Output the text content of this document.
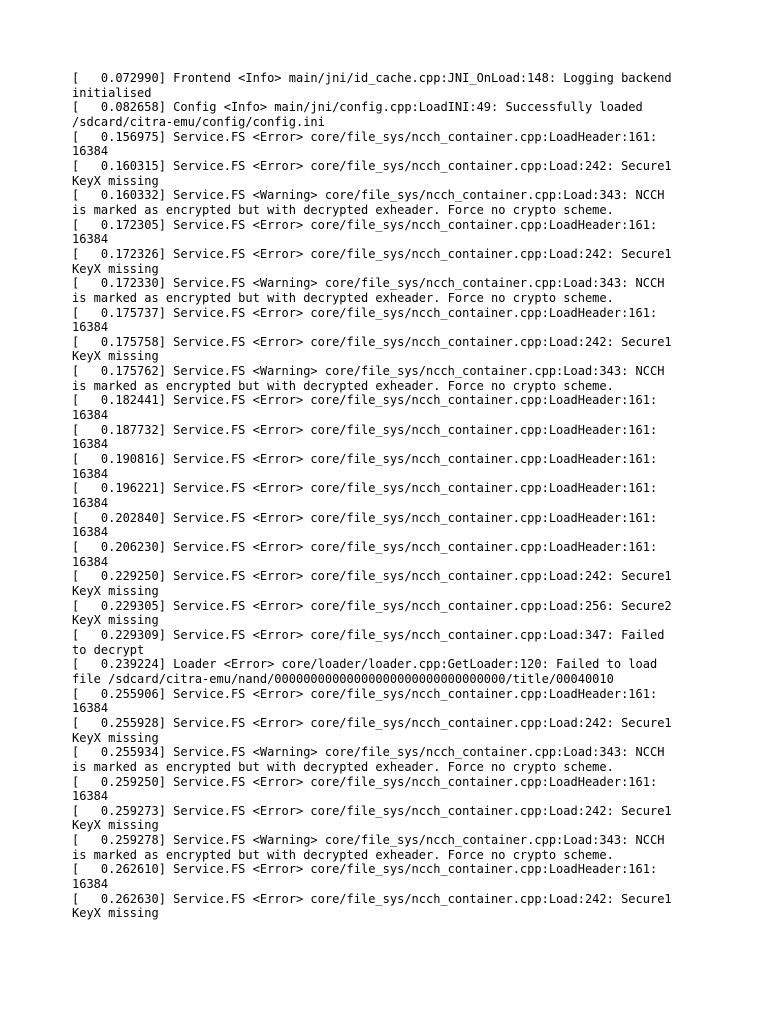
[   0.072990] Frontend <Info> main/jni/id_cache.cpp:JNI_OnLoad:148: Logging backend
initialised
[   0.082658] Config <Info> main/jni/config.cpp:LoadINI:49: Successfully loaded
/sdcard/citra-emu/config/config.ini
[   0.156975] Service.FS <Error> core/file_sys/ncch_container.cpp:LoadHeader:161:
16384
[   0.160315] Service.FS <Error> core/file_sys/ncch_container.cpp:Load:242: Secure1
KeyX missing
[   0.160332] Service.FS <Warning> core/file_sys/ncch_container.cpp:Load:343: NCCH
is marked as encrypted but with decrypted exheader. Force no crypto scheme.
[   0.172305] Service.FS <Error> core/file_sys/ncch_container.cpp:LoadHeader:161:
16384
[   0.172326] Service.FS <Error> core/file_sys/ncch_container.cpp:Load:242: Secure1
KeyX missing
[   0.172330] Service.FS <Warning> core/file_sys/ncch_container.cpp:Load:343: NCCH
is marked as encrypted but with decrypted exheader. Force no crypto scheme.
[   0.175737] Service.FS <Error> core/file_sys/ncch_container.cpp:LoadHeader:161:
16384
[   0.175758] Service.FS <Error> core/file_sys/ncch_container.cpp:Load:242: Secure1
KeyX missing
[   0.175762] Service.FS <Warning> core/file_sys/ncch_container.cpp:Load:343: NCCH
is marked as encrypted but with decrypted exheader. Force no crypto scheme.
[   0.182441] Service.FS <Error> core/file_sys/ncch_container.cpp:LoadHeader:161:
16384
[   0.187732] Service.FS <Error> core/file_sys/ncch_container.cpp:LoadHeader:161:
16384
[   0.190816] Service.FS <Error> core/file_sys/ncch_container.cpp:LoadHeader:161:
16384
[   0.196221] Service.FS <Error> core/file_sys/ncch_container.cpp:LoadHeader:161:
16384
[   0.202840] Service.FS <Error> core/file_sys/ncch_container.cpp:LoadHeader:161:
16384
[   0.206230] Service.FS <Error> core/file_sys/ncch_container.cpp:LoadHeader:161:
16384
[   0.229250] Service.FS <Error> core/file_sys/ncch_container.cpp:Load:242: Secure1
KeyX missing
[   0.229305] Service.FS <Error> core/file_sys/ncch_container.cpp:Load:256: Secure2
KeyX missing
[   0.229309] Service.FS <Error> core/file_sys/ncch_container.cpp:Load:347: Failed
to decrypt
[   0.239224] Loader <Error> core/loader/loader.cpp:GetLoader:120: Failed to load
file /sdcard/citra-emu/nand/00000000000000000000000000000000/title/00040010
[   0.255906] Service.FS <Error> core/file_sys/ncch_container.cpp:LoadHeader:161:
16384
[   0.255928] Service.FS <Error> core/file_sys/ncch_container.cpp:Load:242: Secure1
KeyX missing
[   0.255934] Service.FS <Warning> core/file_sys/ncch_container.cpp:Load:343: NCCH
is marked as encrypted but with decrypted exheader. Force no crypto scheme.
[   0.259250] Service.FS <Error> core/file_sys/ncch_container.cpp:LoadHeader:161:
16384
[   0.259273] Service.FS <Error> core/file_sys/ncch_container.cpp:Load:242: Secure1
KeyX missing
[   0.259278] Service.FS <Warning> core/file_sys/ncch_container.cpp:Load:343: NCCH
is marked as encrypted but with decrypted exheader. Force no crypto scheme.
[   0.262610] Service.FS <Error> core/file_sys/ncch_container.cpp:LoadHeader:161:
16384
[   0.262630] Service.FS <Error> core/file_sys/ncch_container.cpp:Load:242: Secure1
KeyX missing
